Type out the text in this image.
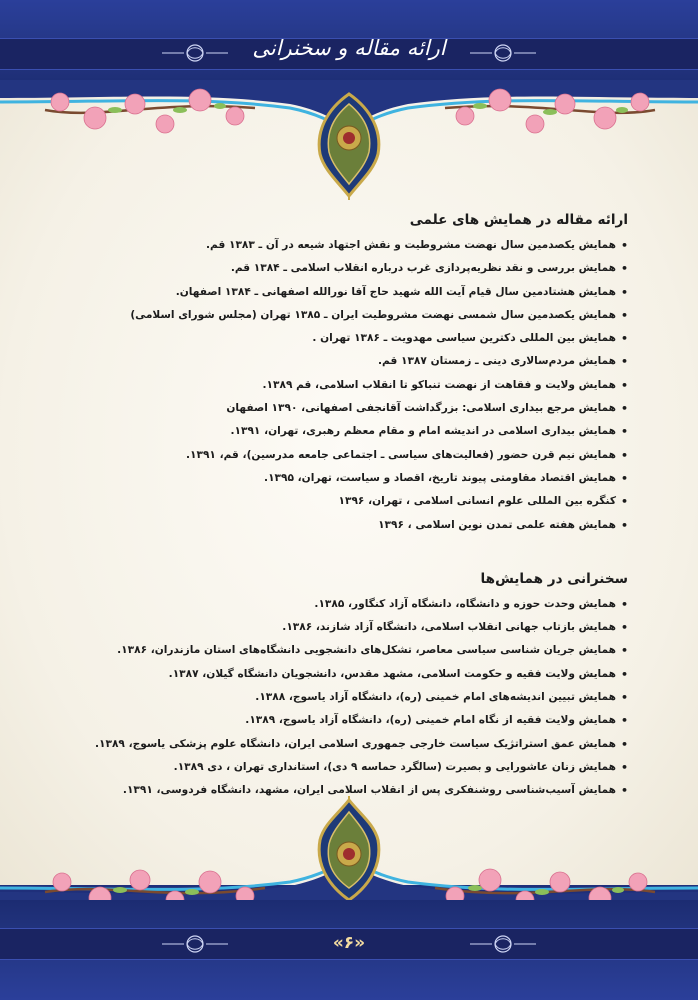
ارائه مقاله و سخنرانی
ارائه مقاله در همایش های علمی
• همایش یکصدمین سال نهضت مشروطیت و نقش اجتهاد شیعه در آن ـ ۱۳۸۳ قم.
• همایش بررسی و نقد نظریه‌پردازی غرب درباره انقلاب اسلامی ـ ۱۳۸۴ قم.
• همایش هشتادمین سال قیام آیت الله شهید حاج آقا نورالله اصفهانی ـ ۱۳۸۴ اصفهان.
• همایش یکصدمین سال شمسی نهضت مشروطیت ایران ـ ۱۳۸۵ تهران (مجلس شورای اسلامی)
• همایش بین المللی دکترین سیاسی مهدویت ـ ۱۳۸۶ تهران .
• همایش مردم‌سالاری دینی ـ زمستان ۱۳۸۷ قم.
• همایش ولایت و فقاهت از نهضت تنباکو تا انقلاب اسلامی، قم ۱۳۸۹.
• همایش مرجع بیداری اسلامی: بزرگداشت آقانجفی اصفهانی، ۱۳۹۰ اصفهان
• همایش بیداری اسلامی در اندیشه امام و مقام معظم رهبری، تهران، ۱۳۹۱.
• همایش نیم قرن حضور (فعالیت‌های سیاسی ـ اجتماعی جامعه مدرسین)، قم، ۱۳۹۱.
• همایش اقتصاد مقاومتی پیوند تاریخ، اقصاد و سیاست، تهران، ۱۳۹۵.
• کنگره بین المللی علوم انسانی اسلامی ، تهران، ۱۳۹۶
• همایش هفته علمی تمدن نوین اسلامی ، ۱۳۹۶
سخنرانی در همایش‌ها
• همایش وحدت حوزه و دانشگاه، دانشگاه آزاد کنگاور، ۱۳۸۵.
• همایش بازتاب جهانی انقلاب اسلامی، دانشگاه آزاد شازند، ۱۳۸۶.
• همایش جریان شناسی سیاسی معاصر، تشکل‌های دانشجویی دانشگاه‌های استان مازندران، ۱۳۸۶.
• همایش ولایت فقیه و حکومت اسلامی، مشهد مقدس، دانشجویان دانشگاه گیلان، ۱۳۸۷.
• همایش تبیین اندیشه‌های امام خمینی (ره)، دانشگاه آزاد یاسوج، ۱۳۸۸.
• همایش ولایت فقیه از نگاه امام خمینی (ره)، دانشگاه آزاد یاسوج، ۱۳۸۹.
• همایش عمق استراتژیک سیاست خارجی جمهوری اسلامی ایران، دانشگاه علوم پزشکی یاسوج، ۱۳۸۹.
• همایش زنان عاشورایی و بصیرت (سالگرد حماسه ۹ دی)، استانداری تهران ، دی ۱۳۸۹.
• همایش آسیب‌شناسی روشنفکری پس از انقلاب اسلامی ایران، مشهد، دانشگاه فردوسی، ۱۳۹۱.
«۶»
